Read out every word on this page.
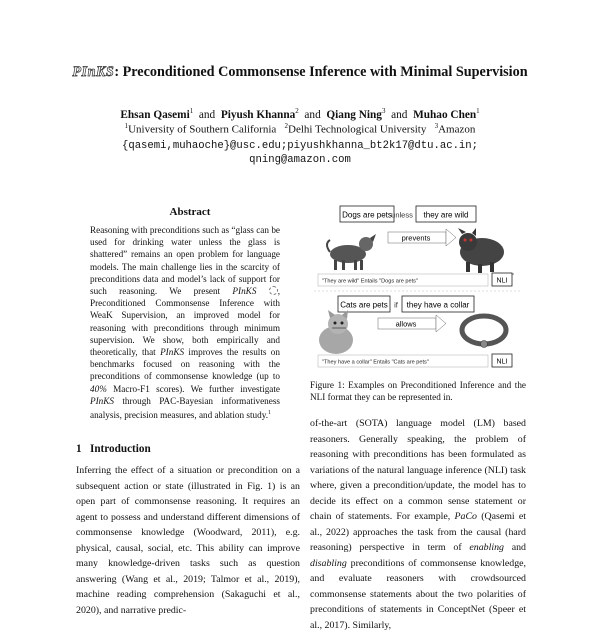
PInKS: Preconditioned Commonsense Inference with Minimal Supervision
Ehsan Qasemi$^1$ and Piyush Khanna$^2$ and Qiang Ning$^3$ and Muhao Chen$^1$
$^1$University of Southern California $^2$Delhi Technological University $^3$Amazon
{qasemi,muhaoche}@usc.edu;piyushkhanna_bt2k17@dtu.ac.in;
qning@amazon.com
Abstract
Reasoning with preconditions such as “glass can be used for drinking water unless the glass is shattered” remains an open problem for language models. The main challenge lies in the scarcity of preconditions data and model’s lack of support for such reasoning. We present PInKS , Preconditioned Commonsense Inference with WeaK Supervision, an improved model for reasoning with preconditions through minimum supervision. We show, both empirically and theoretically, that PInKS improves the results on benchmarks focused on reasoning with the preconditions of commonsense knowledge (up to 40% Macro-F1 scores). We further investigate PInKS through PAC-Bayesian informativeness analysis, precision measures, and ablation study.$^1$
1 Introduction
Inferring the effect of a situation or precondition on a subsequent action or state (illustrated in Fig. 1) is an open part of commonsense reasoning. It requires an agent to possess and understand different dimensions of commonsense knowledge (Woodward, 2011), e.g. physical, causal, social, etc. This ability can improve many knowledge-driven tasks such as question answering (Wang et al., 2019; Talmor et al., 2019), machine reading comprehension (Sakaguchi et al., 2020), and narrative predic-
Dogs are pets unless they are wild
prevents
"They are wild" Entails "Dogs are pets"	NLI
Cats are pets if they have a collar
allows
"They have a collar" Entails "Cats are pets"	NLI
Figure 1: Examples on Preconditioned Inference and the NLI format they can be represented in.
of-the-art (SOTA) language model (LM) based reasoners. Generally speaking, the problem of reasoning with preconditions has been formulated as variations of the natural language inference (NLI) task where, given a precondition/update, the model has to decide its effect on a common sense statement or chain of statements. For example, PaCo (Qasemi et al., 2022) approaches the task from the causal (hard reasoning) perspective in term of enabling and disabling preconditions of commonsense knowledge, and evaluate reasoners with crowdsourced commonsense statements about the two polarities of preconditions of statements in ConceptNet (Speer et al., 2017). Similarly,
